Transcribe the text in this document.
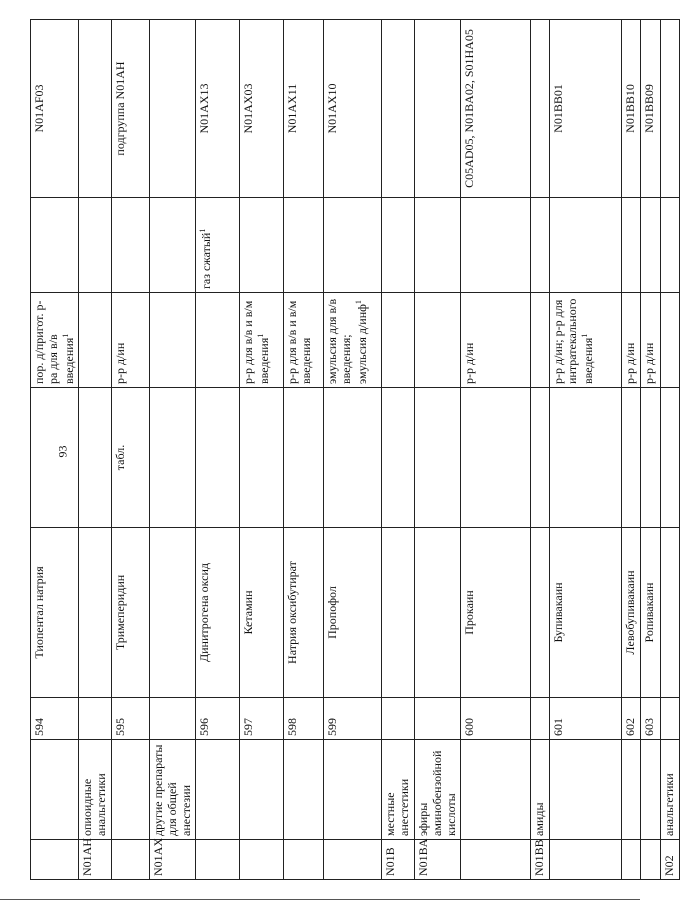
93
		594	Тиопентал натрия		пор. д/пригот. р-ра для в/в введения$^1$		N01AF03
N01AH	опиоидные анальгетики						
		595	Тримеперидин	табл.	р-р д/ин		подгруппа N01AH
N01AX	другие препараты для общей анестезии						
		596	Динитрогена оксид			газ сжатый$^1$	N01AX13
		597	Кетамин		р-р для в/в и в/м введения$^1$		N01AX03
		598	Натрия оксибутират		р-р для в/в и в/м введения		N01AX11
		599	Пропофол		эмульсия для в/в введения; эмульсия д/инф$^1$		N01AX10
N01B	местные анестетики						
N01BA	эфиры аминобензойной кислоты						
		600	Прокаин		р-р д/ин		C05AD05, N01BA02, S01HA05
N01BB	амиды						
		601	Бупивакаин		р-р д/ин; р-р для интратекального введения$^1$		N01BB01
		602	Левобупивакаин		р-р д/ин		N01BB10
		603	Ропивакаин		р-р д/ин		N01BB09
N02	анальгетики						
